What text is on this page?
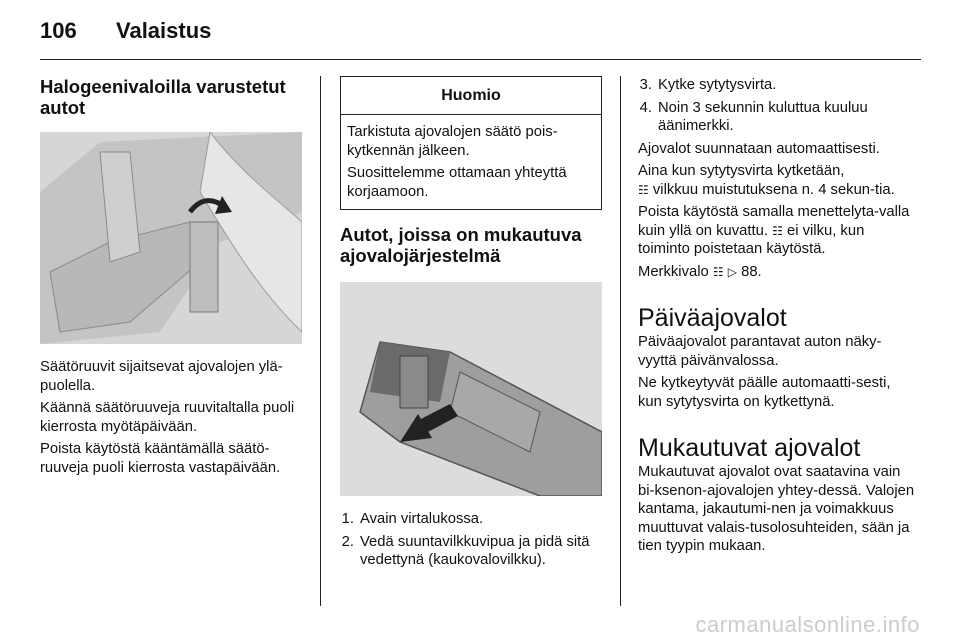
106	Valaistus
Halogeenivaloilla varustetut autot
Säätöruuvit sijaitsevat ajovalojen ylä-puolella.
Käännä säätöruuveja ruuvitaltalla puoli kierrosta myötäpäivään.
Poista käytöstä kääntämällä säätö-ruuveja puoli kierrosta vastapäivään.
Huomio
Tarkistuta ajovalojen säätö pois-kytkennän jälkeen.
Suosittelemme ottamaan yhteyttä korjaamoon.
Autot, joissa on mukautuva ajovalojärjestelmä
1. Avain virtalukossa.
2. Vedä suuntavilkkuvipua ja pidä sitä vedettynä (kaukovalovilkku).
3. Kytke sytytysvirta.
4. Noin 3 sekunnin kuluttua kuuluu äänimerkki.
Ajovalot suunnataan automaattisesti.
Aina kun sytytysvirta kytketään,
☷ vilkkuu muistutuksena n. 4 sekun-tia.
Poista käytöstä samalla menettelyta-valla kuin yllä on kuvattu. ☷ ei vilku, kun toiminto poistetaan käytöstä.
Merkkivalo ☷ ▷ 88.
Päiväajovalot
Päiväajovalot parantavat auton näky-vyyttä päivänvalossa.
Ne kytkeytyvät päälle automaatti-sesti, kun sytytysvirta on kytkettynä.
Mukautuvat ajovalot
Mukautuvat ajovalot ovat saatavina vain bi-ksenon-ajovalojen yhtey-dessä. Valojen kantama, jakautumi-nen ja voimakkuus muuttuvat valais-tusolosuhteiden, sään ja tien tyypin mukaan.
carmanualsonline.info
